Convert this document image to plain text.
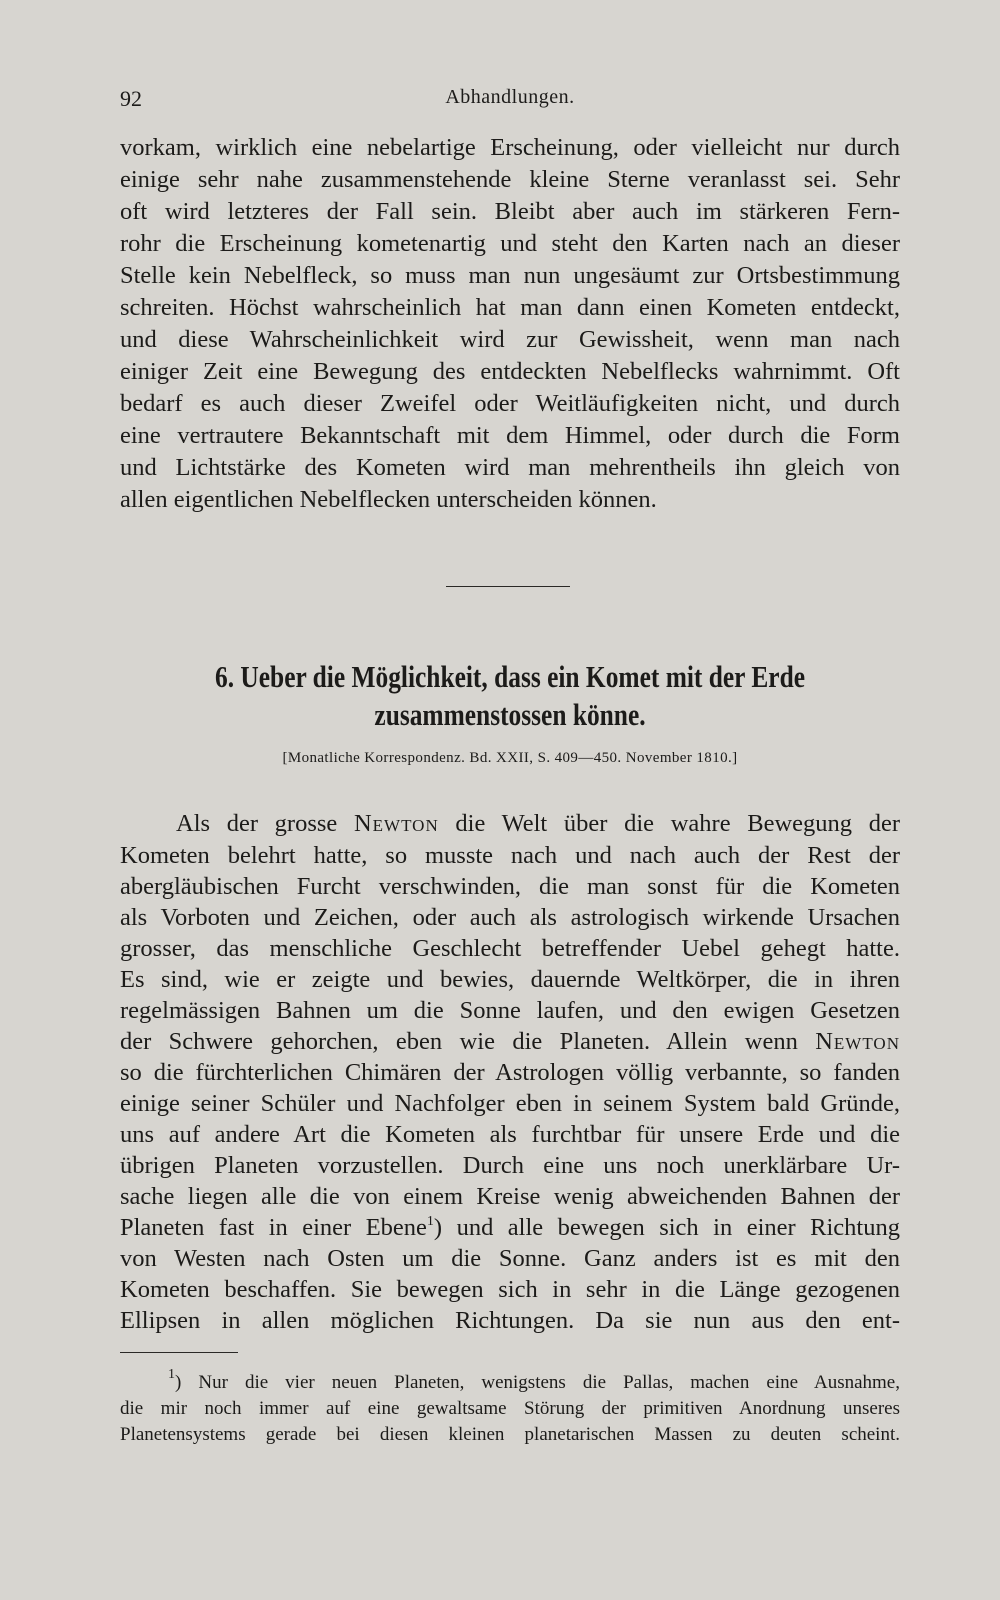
92	Abhandlungen.
vorkam, wirklich eine nebelartige Erscheinung, oder vielleicht nur durch
einige sehr nahe zusammenstehende kleine Sterne veranlasst sei. Sehr
oft wird letzteres der Fall sein. Bleibt aber auch im stärkeren Fern-
rohr die Erscheinung kometenartig und steht den Karten nach an dieser
Stelle kein Nebelfleck, so muss man nun ungesäumt zur Ortsbestimmung
schreiten. Höchst wahrscheinlich hat man dann einen Kometen entdeckt,
und diese Wahrscheinlichkeit wird zur Gewissheit, wenn man nach
einiger Zeit eine Bewegung des entdeckten Nebelflecks wahrnimmt. Oft
bedarf es auch dieser Zweifel oder Weitläufigkeiten nicht, und durch
eine vertrautere Bekanntschaft mit dem Himmel, oder durch die Form
und Lichtstärke des Kometen wird man mehrentheils ihn gleich von
allen eigentlichen Nebelflecken unterscheiden können.
6. Ueber die Möglichkeit, dass ein Komet mit der Erde
zusammenstossen könne.
[Monatliche Korrespondenz. Bd. XXII, S. 409—450. November 1810.]
Als der grosse Newton die Welt über die wahre Bewegung der
Kometen belehrt hatte, so musste nach und nach auch der Rest der
abergläubischen Furcht verschwinden, die man sonst für die Kometen
als Vorboten und Zeichen, oder auch als astrologisch wirkende Ursachen
grosser, das menschliche Geschlecht betreffender Uebel gehegt hatte.
Es sind, wie er zeigte und bewies, dauernde Weltkörper, die in ihren
regelmässigen Bahnen um die Sonne laufen, und den ewigen Gesetzen
der Schwere gehorchen, eben wie die Planeten. Allein wenn Newton
so die fürchterlichen Chimären der Astrologen völlig verbannte, so fanden
einige seiner Schüler und Nachfolger eben in seinem System bald Gründe,
uns auf andere Art die Kometen als furchtbar für unsere Erde und die
übrigen Planeten vorzustellen. Durch eine uns noch unerklärbare Ur-
sache liegen alle die von einem Kreise wenig abweichenden Bahnen der
Planeten fast in einer Ebene$^1$) und alle bewegen sich in einer Richtung
von Westen nach Osten um die Sonne. Ganz anders ist es mit den
Kometen beschaffen. Sie bewegen sich in sehr in die Länge gezogenen
Ellipsen in allen möglichen Richtungen. Da sie nun aus den ent-
$^1$) Nur die vier neuen Planeten, wenigstens die Pallas, machen eine Ausnahme,
die mir noch immer auf eine gewaltsame Störung der primitiven Anordnung unseres
Planetensystems gerade bei diesen kleinen planetarischen Massen zu deuten scheint.
